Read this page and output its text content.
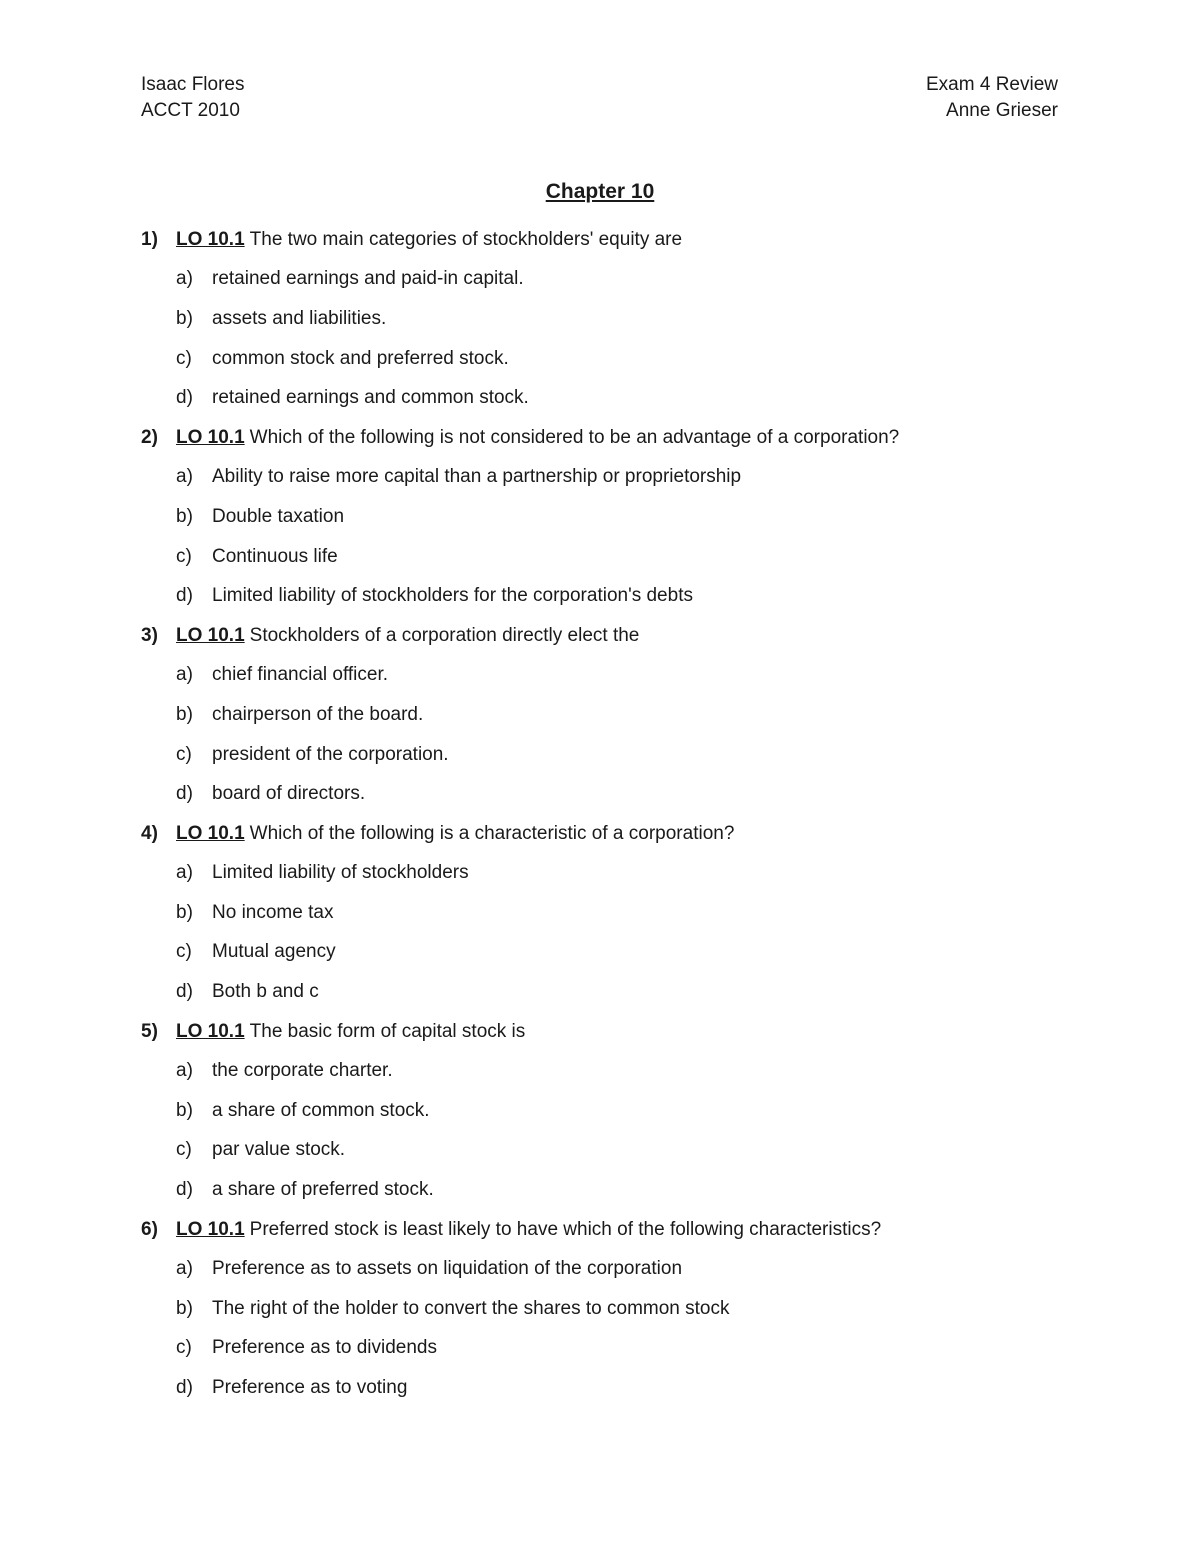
Isaac Flores
ACCT 2010
Exam 4 Review
Anne Grieser
Chapter 10
1) LO 10.1 The two main categories of stockholders' equity are
a)	retained earnings and paid-in capital.
b)	assets and liabilities.
c)	common stock and preferred stock.
d)	retained earnings and common stock.
2) LO 10.1 Which of the following is not considered to be an advantage of a corporation?
a)	Ability to raise more capital than a partnership or proprietorship
b)	Double taxation
c)	Continuous life
d)	Limited liability of stockholders for the corporation's debts
3) LO 10.1 Stockholders of a corporation directly elect the
a)	chief financial officer.
b)	chairperson of the board.
c)	president of the corporation.
d)	board of directors.
4) LO 10.1 Which of the following is a characteristic of a corporation?
a)	Limited liability of stockholders
b)	No income tax
c)	Mutual agency
d)	Both b and c
5) LO 10.1 The basic form of capital stock is
a)	the corporate charter.
b)	a share of common stock.
c)	par value stock.
d)	a share of preferred stock.
6) LO 10.1 Preferred stock is least likely to have which of the following characteristics?
a)	Preference as to assets on liquidation of the corporation
b)	The right of the holder to convert the shares to common stock
c)	Preference as to dividends
d)	Preference as to voting
